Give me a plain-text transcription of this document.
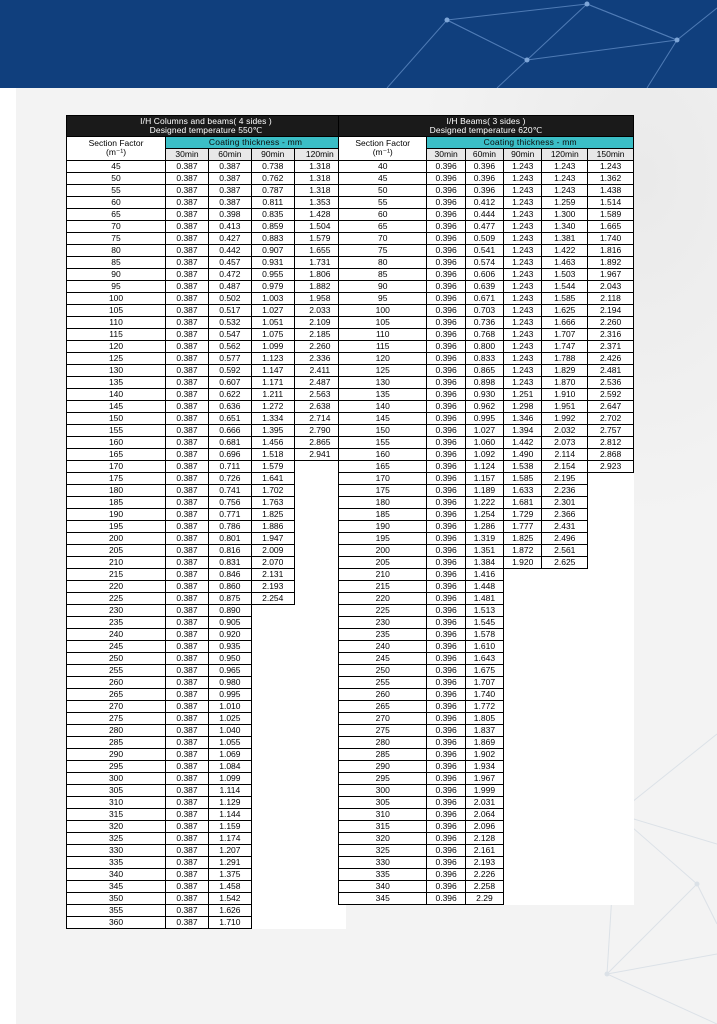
I/H Columns and beams( 4 sides )
Designed temperature 550℃				
Section Factor
(m⁻¹)	Coating thickness - mm			
	30min	60min	90min	120min
45	0.387	0.387	0.738	1.318
50	0.387	0.387	0.762	1.318
55	0.387	0.387	0.787	1.318
60	0.387	0.387	0.811	1.353
65	0.387	0.398	0.835	1.428
70	0.387	0.413	0.859	1.504
75	0.387	0.427	0.883	1.579
80	0.387	0.442	0.907	1.655
85	0.387	0.457	0.931	1.731
90	0.387	0.472	0.955	1.806
95	0.387	0.487	0.979	1.882
100	0.387	0.502	1.003	1.958
105	0.387	0.517	1.027	2.033
110	0.387	0.532	1.051	2.109
115	0.387	0.547	1.075	2.185
120	0.387	0.562	1.099	2.260
125	0.387	0.577	1.123	2.336
130	0.387	0.592	1.147	2.411
135	0.387	0.607	1.171	2.487
140	0.387	0.622	1.211	2.563
145	0.387	0.636	1.272	2.638
150	0.387	0.651	1.334	2.714
155	0.387	0.666	1.395	2.790
160	0.387	0.681	1.456	2.865
165	0.387	0.696	1.518	2.941
170	0.387	0.711	1.579	
175	0.387	0.726	1.641	
180	0.387	0.741	1.702	
185	0.387	0.756	1.763	
190	0.387	0.771	1.825	
195	0.387	0.786	1.886	
200	0.387	0.801	1.947	
205	0.387	0.816	2.009	
210	0.387	0.831	2.070	
215	0.387	0.846	2.131	
220	0.387	0.860	2.193	
225	0.387	0.875	2.254	
230	0.387	0.890		
235	0.387	0.905		
240	0.387	0.920		
245	0.387	0.935		
250	0.387	0.950		
255	0.387	0.965		
260	0.387	0.980		
265	0.387	0.995		
270	0.387	1.010		
275	0.387	1.025		
280	0.387	1.040		
285	0.387	1.055		
290	0.387	1.069		
295	0.387	1.084		
300	0.387	1.099		
305	0.387	1.114		
310	0.387	1.129		
315	0.387	1.144		
320	0.387	1.159		
325	0.387	1.174		
330	0.387	1.207		
335	0.387	1.291		
340	0.387	1.375		
345	0.387	1.458		
350	0.387	1.542		
355	0.387	1.626		
360	0.387	1.710		
I/H Beams( 3 sides )
Designed temperature 620℃					
Section Factor
(m⁻¹)	Coating thickness - mm				
	30min	60min	90min	120min	150min
40	0.396	0.396	1.243	1.243	1.243
45	0.396	0.396	1.243	1.243	1.362
50	0.396	0.396	1.243	1.243	1.438
55	0.396	0.412	1.243	1.259	1.514
60	0.396	0.444	1.243	1.300	1.589
65	0.396	0.477	1.243	1.340	1.665
70	0.396	0.509	1.243	1.381	1.740
75	0.396	0.541	1.243	1.422	1.816
80	0.396	0.574	1.243	1.463	1.892
85	0.396	0.606	1.243	1.503	1.967
90	0.396	0.639	1.243	1.544	2.043
95	0.396	0.671	1.243	1.585	2.118
100	0.396	0.703	1.243	1.625	2.194
105	0.396	0.736	1.243	1.666	2.260
110	0.396	0.768	1.243	1.707	2.316
115	0.396	0.800	1.243	1.747	2.371
120	0.396	0.833	1.243	1.788	2.426
125	0.396	0.865	1.243	1.829	2.481
130	0.396	0.898	1.243	1.870	2.536
135	0.396	0.930	1.251	1.910	2.592
140	0.396	0.962	1.298	1.951	2.647
145	0.396	0.995	1.346	1.992	2.702
150	0.396	1.027	1.394	2.032	2.757
155	0.396	1.060	1.442	2.073	2.812
160	0.396	1.092	1.490	2.114	2.868
165	0.396	1.124	1.538	2.154	2.923
170	0.396	1.157	1.585	2.195	
175	0.396	1.189	1.633	2.236	
180	0.396	1.222	1.681	2.301	
185	0.396	1.254	1.729	2.366	
190	0.396	1.286	1.777	2.431	
195	0.396	1.319	1.825	2.496	
200	0.396	1.351	1.872	2.561	
205	0.396	1.384	1.920	2.625	
210	0.396	1.416			
215	0.396	1.448			
220	0.396	1.481			
225	0.396	1.513			
230	0.396	1.545			
235	0.396	1.578			
240	0.396	1.610			
245	0.396	1.643			
250	0.396	1.675			
255	0.396	1.707			
260	0.396	1.740			
265	0.396	1.772			
270	0.396	1.805			
275	0.396	1.837			
280	0.396	1.869			
285	0.396	1.902			
290	0.396	1.934			
295	0.396	1.967			
300	0.396	1.999			
305	0.396	2.031			
310	0.396	2.064			
315	0.396	2.096			
320	0.396	2.128			
325	0.396	2.161			
330	0.396	2.193			
335	0.396	2.226			
340	0.396	2.258			
345	0.396	2.29			
